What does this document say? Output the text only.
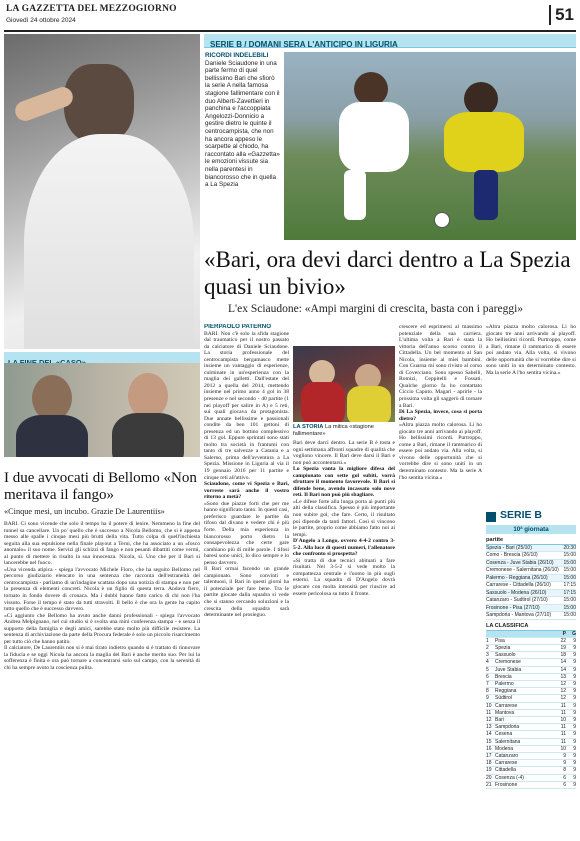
LA GAZZETTA DEL MEZZOGIORNO
Giovedì 24 ottobre 2024	51
SERIE B / DOMANI SERA L'ANTICIPO IN LIGURIA
RICORDI INDELEBILI
Daniele Sciaudone in una parte fermo di quel bellissimo Bari che sfiorò la serie A nella famosa stagione fallimentare con il duo Alberti-Zavettieri in panchina e l'accoppiata Angelozzi-Donnicio a gestire dietro le quinte il centrocampista, che non ha ancora appeso le scarpette al chiodo, ha raccontato alla «Gazzetta» le emozioni vissute sia nella parentesi in biancorosso che in quella a La Spezia
«Bari, ora devi darci dentro a La Spezia quasi un bivio»
L'ex Sciaudone: «Ampi margini di crescita, basta con i pareggi»
I due avvocati di Bellomo «Non meritava il fango»
«Cinque mesi, un incubo. Grazie De Laurentiis»

BARI. Ci sono vicende che solo il tempo ha il potere di lenire. Nemmeno la fine del tunnel sa cancellare. Un po' quello che è successo a Nicola Bellomo, che si è appena messo alle spalle i cinque mesi più brutti della vita. Tutto colpa di quell'inchiesta seguita alla sua espulsione nella finale playout a Terni, che ha associato a un «fosco anomalo» il suo nome. Servizi gli schizzi di fango e non pesanti dibattiti come vermi, al punto di mettere in risalto la sua innocenza. Nicola, sì. Uno che per il Bari si lancerebbe nel fuoco.

«Una vicenda atipica - spiega l'avvocato Michele Floro, che ha seguito Bellomo nel percorso giudiziario elencato in una sentenza che racconta dell'estraneità del centrocampista - parliamo di un'indagine scattata dopo una notizia di stampa e non per la presenza di elementi concreti. Nicola è un figlio di questa terra. Andava fiero, tornato in fondo dovere di cronaca. Ma i dubbi hanno fatto carico di chi non l'ha vissuto. Forse il tempo è stato da tutti stravolti. Il bello è che ora la gente ha capito tutto quello che è successo davvero.

«Ci aggiunto che Bellomo ha avuto anche danni professionali - spiega l'avvocato Andrea Melpignano, nel cui studio si è svolta una mini conferenza stampa - e senza il supporto della famiglia e degli amici, sarebbe stato molto più difficile resistere. La sentenza di archiviazione da parte della Procura federale è solo un piccolo risarcimento per tutto ciò che hanno patito.

Il calciatore, De Laurentiis non si è mai tirato indietro quando si è trattato di rinnovare la fiducia e se oggi Nicola ha ancora la maglia del Bari è anche merito suo. Per lui la sofferenza è finita e ora può tornare a concentrarsi solo sul campo, con la serenità di chi ha sempre avuto la coscienza pulita.

PIERPAOLO PATERNO

BARI. Non c'è solo la sfida stagione dal traumatico per il nostro passato da calciatore di Daniele Sciaudone. La storia professionale del centrocampista bergamasco mette insieme un vantaggio di esperienze, culminate in un'esperienza con la maglia dei galletti. Dall'estate del 2012 a quella del 2014, mettendo insieme nel primo anno 4 gol in 38 presenze e nel secondo - 40 partite (1 nei playoff per salire in A) e 5 reti, sui quali giocava da protagonista. Due annate bellissime e passionali condite da ben 101 gettoni di presenza ed un bottino complessivo di 13 gol. Eppure sprintati sono stati molto tra società in frantumi con tanto di tre salvezze a Catania e a Salerno, prima dell'avventura a La Spezia. Missione in Liguria al via il 19 gennaio 2016 per 11 partite e cinque reti all'attivo.

Sciaudone, come vi Spezia e Bari, vorreste sarà anche il vostro ritorno a metà?

«Sono due piazze forti che per me hanno significato tanto. In questi casi, preferisco guardare le partite da tifoso dal divano e vedere chi è più forte. Della mia esperienza in biancorosso porto dietro la consapevolezza che certe gare cambiano più di mille parole. I tifosi baresi sono unici, lo dico sempre e lo penso davvero.

Il Bari ormai facendo un grande campionato. Sono convinti e talentuosi, il Bari in questi giorni ha il potenziale per fare bene. Tra le partite giocate dalla squadra si vede che si stanno cercando soluzioni e la crescita della squadra sarà determinante nel prosieguo.

LA STORIA La mitica «stagione fallimentare»

Bari deve darci dentro. La serie B è tosta e ogni settimana affronti squadre di qualità che vogliono vincere. Il Bari deve darsi il Bari e non può accontentarsi.»

Lo Spezia vanta la migliore difesa del campionato con sette gol subiti, vorrà sfruttare il momento favorevole. Il Bari si difende bene, avendo incassato solo nove reti. Il Bari non può più sbagliare.

«Le difese forte alla lunga porta ai punti più alti della classifica. Spesso è più importante non subire gol, che fare. Certo, il risultato poi dipende da tanti fattori. Così si vincono le partite, proprio come abbiamo fatto noi ai tempi.

D'Angelo a Longo, ovvero 4-4-2 contro 3-5-2. Alla luce di questi numeri, l'allenatore che confronto si prospetta?

«Si tratta di due tecnici abituati a fare risultati. Nel 3-5-2 si vede molto la compattezza centrale e l'uomo in più sugli esterni. La squadra di D'Angelo dovrà giocare con molta intensità per riuscire ad essere pericolosa su tutto il fronte.

crescere ed esprimersi al massimo potenziale della sua carriera. L'ultima volta a Bari è stata la vittoria dell'anno scorso contro il Cittadella. Un bel momento al San Nicola, insieme ai miei bambini. Con Guarna mi sono rivisto al corso di Coverciano. Sono spesso Sabelli, Romizi, Ceppitelli e Fossati. Qualche giorno fa ho contattato Ciccio Caputo. Magari - aprirle - la prossima volta gli saggerò di tornare a Bari.

Di La Spezia, invece, cosa si porta dietro?

«Altra piazza molto calorosa. Lì ho giocato tre anni arrivando ai playoff. Ho bellissimi ricordi. Purtroppo, come a Bari, rimane il rammarico di essere poi andato via. Alla volta, si vivono delle opportunità che si vorrebbe dire si sono uniti in un determinato contesto. Ma la serie A l'ho sentita vicina.»

«Altra piazza molto calorosa. Lì ho giocato tre anni arrivando ai playoff. Ho bellissimi ricordi. Purtroppo, come a Bari, rimane il rammarico di essere poi andato via. Alla volta, si vivono delle opportunità che si vorrebbe dire si sono uniti in un determinato contesto. Ma la serie A l'ho sentita vicina.»

SERIE B
10ª giornata
partite
Spezia - Bari (25/10)	20:30
Como - Brescia (26/10)	15:00
Cosenza - Juve Stabia (26/10) 15:00
Cremonese - Salernitana (26/10) 15:00
Palermo - Reggiana (26/10)	15:00
Carrarese - Cittadella (26/10)	17:15
Sassuolo - Modena (26/10)	17:15
Catanzaro - Sudtirol (27/10)	15:00
Frosinone - Pisa (27/10)	15:00
Sampdoria - Mantova (27/10) 15:00
LA CLASSIFICA
P	G
1	Pisa	22	9
2	Spezia	19	9
3	Sassuolo	18	9
4	Cremonese	14	9
5	Juve Stabia	14	9
6	Brescia	13	9
7	Palermo	12	9
8	Reggiana	12	9
9	Südtirol	12	9
10 Carrarese	11	9
11 Mantova	11	9
12 Bari	10	9
13 Sampdoria	11	9
14 Cesena	11	9
15 Salernitana	11	9
16 Modena	10	9
17 Catanzaro	9	9
18 Carrarese	9	9
19 Cittadella	8	9
20 Cosenza (-4)	6	9
21 Frosinone	6	9
